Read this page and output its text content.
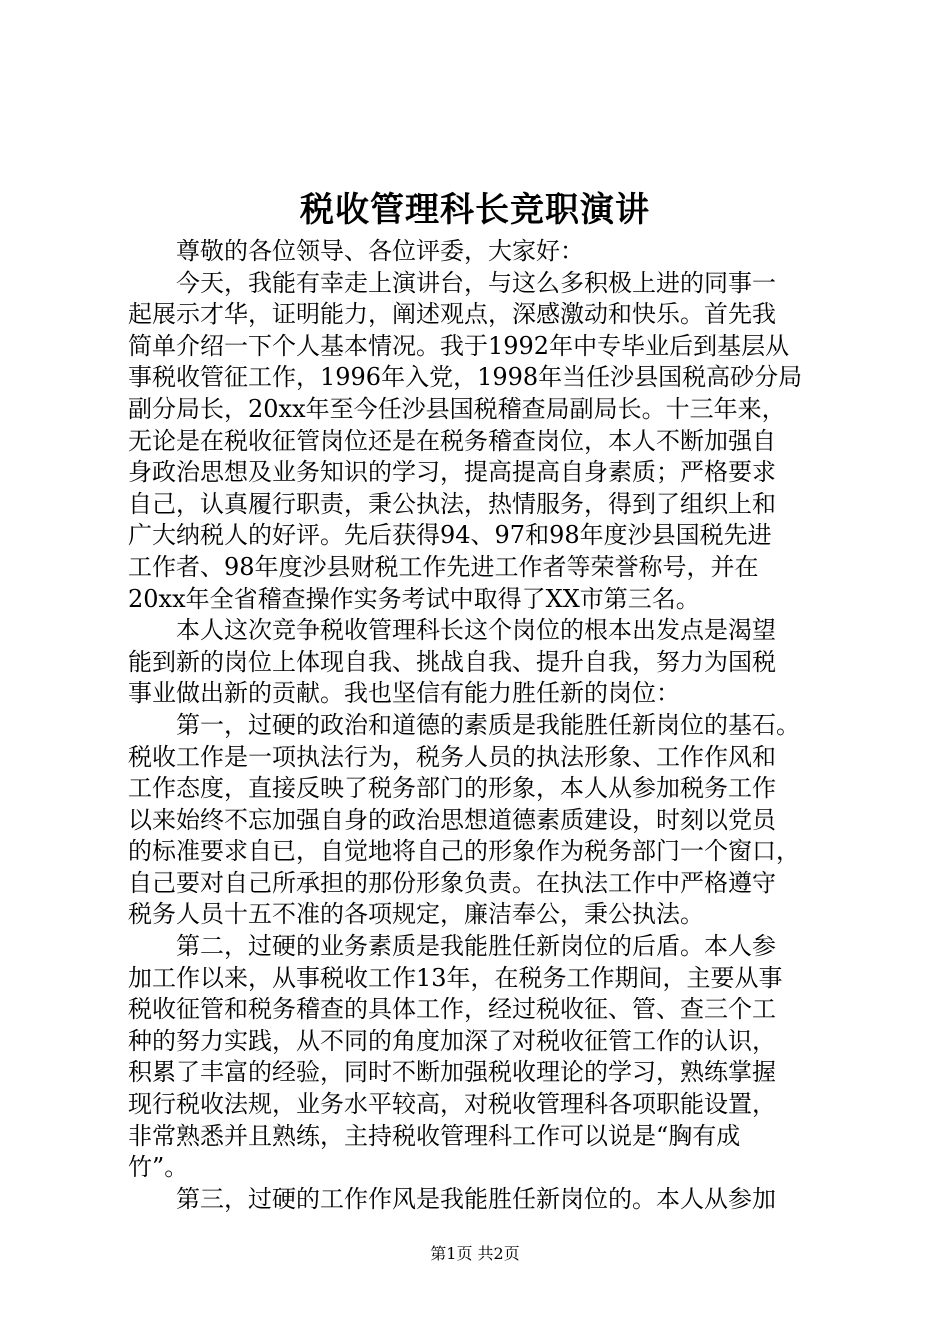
税收管理科长竞职演讲
　　尊敬的各位领导、各位评委，大家好：
　　今天，我能有幸走上演讲台，与这么多积极上进的同事一
起展示才华，证明能力，阐述观点，深感激动和快乐。首先我
简单介绍一下个人基本情况。我于1992年中专毕业后到基层从
事税收管征工作，1996年入党，1998年当任沙县国税高砂分局
副分局长，20xx年至今任沙县国税稽查局副局长。十三年来，
无论是在税收征管岗位还是在税务稽查岗位，本人不断加强自
身政治思想及业务知识的学习，提高提高自身素质；严格要求
自己，认真履行职责，秉公执法，热情服务，得到了组织上和
广大纳税人的好评。先后获得94、97和98年度沙县国税先进
工作者、98年度沙县财税工作先进工作者等荣誉称号，并在
20xx年全省稽查操作实务考试中取得了XX市第三名。
　　本人这次竞争税收管理科长这个岗位的根本出发点是渴望
能到新的岗位上体现自我、挑战自我、提升自我，努力为国税
事业做出新的贡献。我也坚信有能力胜任新的岗位：
　　第一，过硬的政治和道德的素质是我能胜任新岗位的基石。
税收工作是一项执法行为，税务人员的执法形象、工作作风和
工作态度，直接反映了税务部门的形象，本人从参加税务工作
以来始终不忘加强自身的政治思想道德素质建设，时刻以党员
的标准要求自已，自觉地将自己的形象作为税务部门一个窗口，
自己要对自己所承担的那份形象负责。在执法工作中严格遵守
税务人员十五不准的各项规定，廉洁奉公，秉公执法。
　　第二，过硬的业务素质是我能胜任新岗位的后盾。本人参
加工作以来，从事税收工作13年，在税务工作期间，主要从事
税收征管和税务稽查的具体工作，经过税收征、管、查三个工
种的努力实践，从不同的角度加深了对税收征管工作的认识，
积累了丰富的经验，同时不断加强税收理论的学习，熟练掌握
现行税收法规，业务水平较高，对税收管理科各项职能设置，
非常熟悉并且熟练，主持税收管理科工作可以说是“胸有成
竹”。
　　第三，过硬的工作作风是我能胜任新岗位的。本人从参加
第1页 共2页
